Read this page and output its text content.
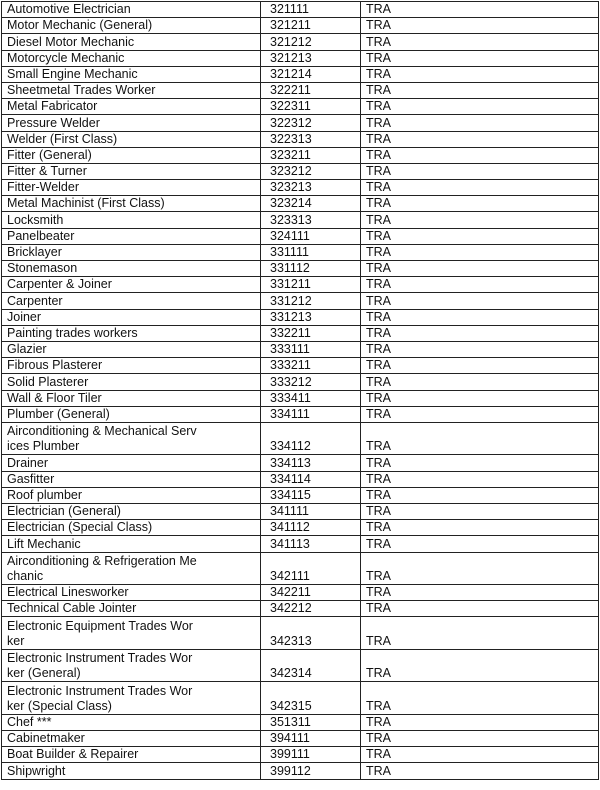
Automotive Electrician	321111	TRA

Motor Mechanic (General)	321211	TRA

Diesel Motor Mechanic	321212	TRA

Motorcycle Mechanic	321213	TRA

Small Engine Mechanic	321214	TRA

Sheetmetal Trades Worker	322211	TRA

Metal Fabricator	322311	TRA

Pressure Welder	322312	TRA

Welder (First Class)	322313	TRA

Fitter (General)	323211	TRA

Fitter & Turner	323212	TRA

Fitter-Welder	323213	TRA

Metal Machinist (First Class)	323214	TRA

Locksmith	323313	TRA

Panelbeater	324111	TRA

Bricklayer	331111	TRA

Stonemason	331112	TRA

Carpenter & Joiner	331211	TRA

Carpenter	331212	TRA

Joiner	331213	TRA

Painting trades workers	332211	TRA

Glazier	333111	TRA

Fibrous Plasterer	333211	TRA

Solid Plasterer	333212	TRA

Wall & Floor Tiler	333411	TRA

Plumber (General)	334111	TRA

Airconditioning & Mechanical Serv
ices Plumber	334112	TRA

Drainer	334113	TRA

Gasfitter	334114	TRA

Roof plumber	334115	TRA

Electrician (General)	341111	TRA

Electrician (Special Class)	341112	TRA

Lift Mechanic	341113	TRA

Airconditioning & Refrigeration Me
chanic	342111	TRA

Electrical Linesworker	342211	TRA

Technical Cable Jointer	342212	TRA

Electronic Equipment Trades Wor
ker	342313	TRA

Electronic Instrument Trades Wor
ker (General)	342314	TRA

Electronic Instrument Trades Wor
ker (Special Class)	342315	TRA

Chef ***	351311	TRA

Cabinetmaker	394111	TRA

Boat Builder & Repairer	399111	TRA

Shipwright	399112	TRA
